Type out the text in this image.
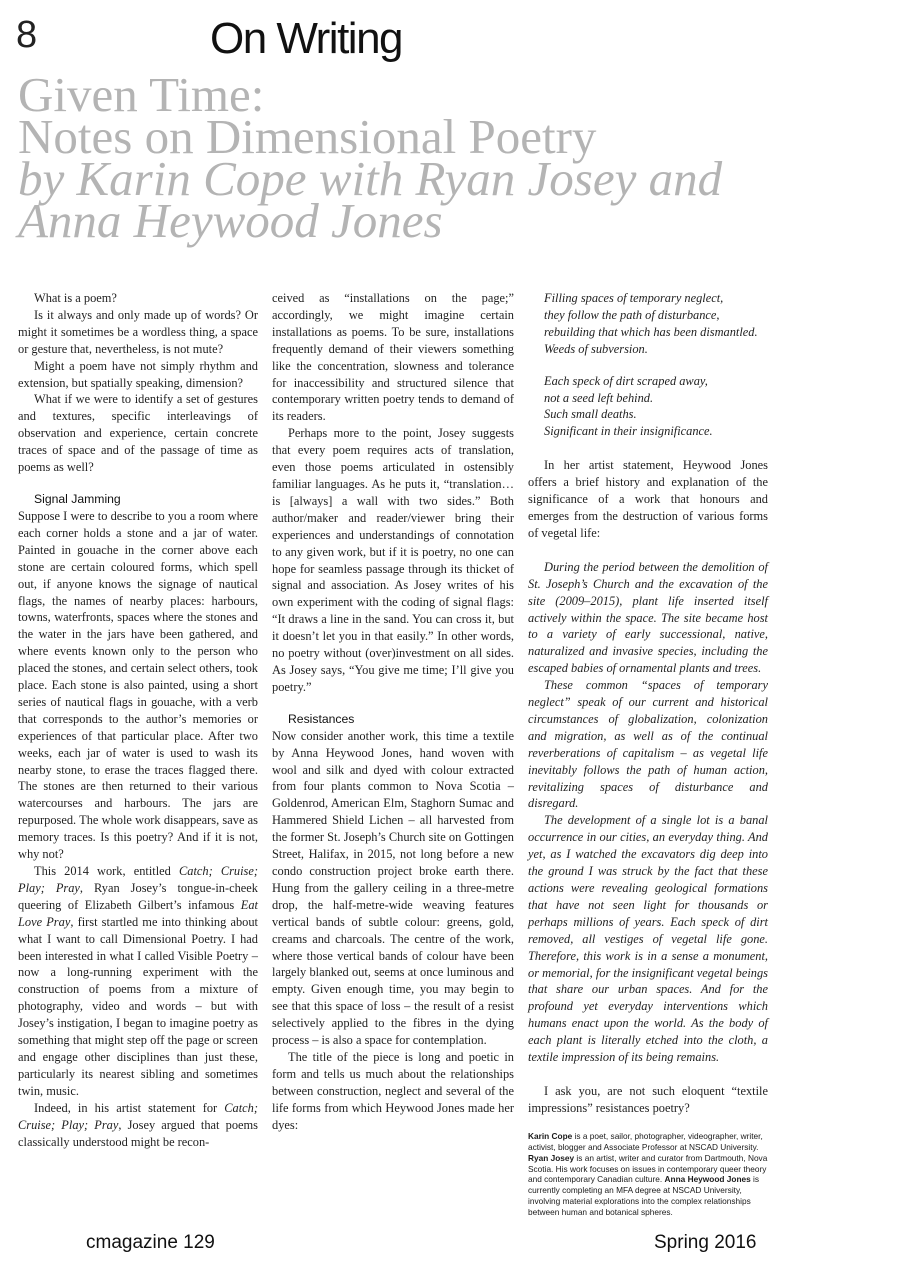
8	On Writing
Given Time:
Notes on Dimensional Poetry
by Karin Cope with Ryan Josey and
Anna Heywood Jones

What is a poem?

Is it always and only made up of words? Or might it sometimes be a wordless thing, a space or gesture that, nevertheless, is not mute?

Might a poem have not simply rhythm and extension, but spatially speaking, dimension?

What if we were to identify a set of gestures and textures, specific interleavings of observation and experience, certain concrete traces of space and of the passage of time as poems as well?

Signal Jamming

Suppose I were to describe to you a room where each corner holds a stone and a jar of water. Painted in gouache in the corner above each stone are certain coloured forms, which spell out, if anyone knows the signage of nautical flags, the names of nearby places: harbours, towns, waterfronts, spaces where the stones and the water in the jars have been gathered, and where events known only to the person who placed the stones, and certain select others, took place. Each stone is also painted, using a short series of nautical flags in gouache, with a verb that corresponds to the author’s memories or experiences of that particular place. After two weeks, each jar of water is used to wash its nearby stone, to erase the traces flagged there. The stones are then returned to their various watercourses and harbours. The jars are repurposed. The whole work disappears, save as memory traces. Is this poetry? And if it is not, why not?

This 2014 work, entitled Catch; Cruise; Play; Pray, Ryan Josey’s tongue-in-cheek queering of Elizabeth Gilbert’s infamous Eat Love Pray, first startled me into thinking about what I want to call Dimensional Poetry. I had been interested in what I called Visible Poetry – now a long-running experiment with the construction of poems from a mixture of photography, video and words – but with Josey’s instigation, I began to imagine poetry as something that might step off the page or screen and engage other disciplines than just these, particularly its nearest sibling and sometimes twin, music.

Indeed, in his artist statement for Catch; Cruise; Play; Pray, Josey argued that poems classically understood might be recon-

ceived as “installations on the page;” accordingly, we might imagine certain installations as poems. To be sure, installations frequently demand of their viewers something like the concentration, slowness and tolerance for inaccessibility and structured silence that contemporary written poetry tends to demand of its readers.

Perhaps more to the point, Josey suggests that every poem requires acts of translation, even those poems articulated in ostensibly familiar languages. As he puts it, “translation…is [always] a wall with two sides.” Both author/maker and reader/viewer bring their experiences and understandings of connotation to any given work, but if it is poetry, no one can hope for seamless passage through its thicket of signal and association. As Josey writes of his own experiment with the coding of signal flags: “It draws a line in the sand. You can cross it, but it doesn’t let you in that easily.” In other words, no poetry without (over)investment on all sides. As Josey says, “You give me time; I’ll give you poetry.”

Resistances

Now consider another work, this time a textile by Anna Heywood Jones, hand woven with wool and silk and dyed with colour extracted from four plants common to Nova Scotia – Goldenrod, American Elm, Staghorn Sumac and Hammered Shield Lichen – all harvested from the former St. Joseph’s Church site on Gottingen Street, Halifax, in 2015, not long before a new condo construction project broke earth there. Hung from the gallery ceiling in a three-metre drop, the half-metre-wide weaving features vertical bands of subtle colour: greens, gold, creams and charcoals. The centre of the work, where those vertical bands of colour have been largely blanked out, seems at once luminous and empty. Given enough time, you may begin to see that this space of loss – the result of a resist selectively applied to the fibres in the dying process – is also a space for contemplation.

The title of the piece is long and poetic in form and tells us much about the relationships between construction, neglect and several of the life forms from which Heywood Jones made her dyes:

Filling spaces of temporary neglect,
they follow the path of disturbance,
rebuilding that which has been dismantled.
Weeds of subversion.
Each speck of dirt scraped away,
not a seed left behind.
Such small deaths.
Significant in their insignificance.

In her artist statement, Heywood Jones offers a brief history and explanation of the significance of a work that honours and emerges from the destruction of various forms of vegetal life:

During the period between the demolition of St. Joseph’s Church and the excavation of the site (2009–2015), plant life inserted itself actively within the space. The site became host to a variety of early successional, native, naturalized and invasive species, including the escaped babies of ornamental plants and trees.

These common “spaces of temporary neglect” speak of our current and historical circumstances of globalization, colonization and migration, as well as of the continual reverberations of capitalism – as vegetal life inevitably follows the path of human action, revitalizing spaces of disturbance and disregard.

The development of a single lot is a banal occurrence in our cities, an everyday thing. And yet, as I watched the excavators dig deep into the ground I was struck by the fact that these actions were revealing geological formations that have not seen light for thousands or perhaps millions of years. Each speck of dirt removed, all vestiges of vegetal life gone. Therefore, this work is in a sense a monument, or memorial, for the insignificant vegetal beings that share our urban spaces. And for the profound yet everyday interventions which humans enact upon the world. As the body of each plant is literally etched into the cloth, a textile impression of its being remains.

I ask you, are not such eloquent “textile impressions” resistances poetry?

Karin Cope is a poet, sailor, photographer, videographer, writer, activist, blogger and Associate Professor at NSCAD University. Ryan Josey is an artist, writer and curator from Dartmouth, Nova Scotia. His work focuses on issues in contemporary queer theory and contemporary Canadian culture. Anna Heywood Jones is currently completing an MFA degree at NSCAD University, involving material explorations into the complex relationships between human and botanical spheres.
cmagazine 129	Spring 2016
